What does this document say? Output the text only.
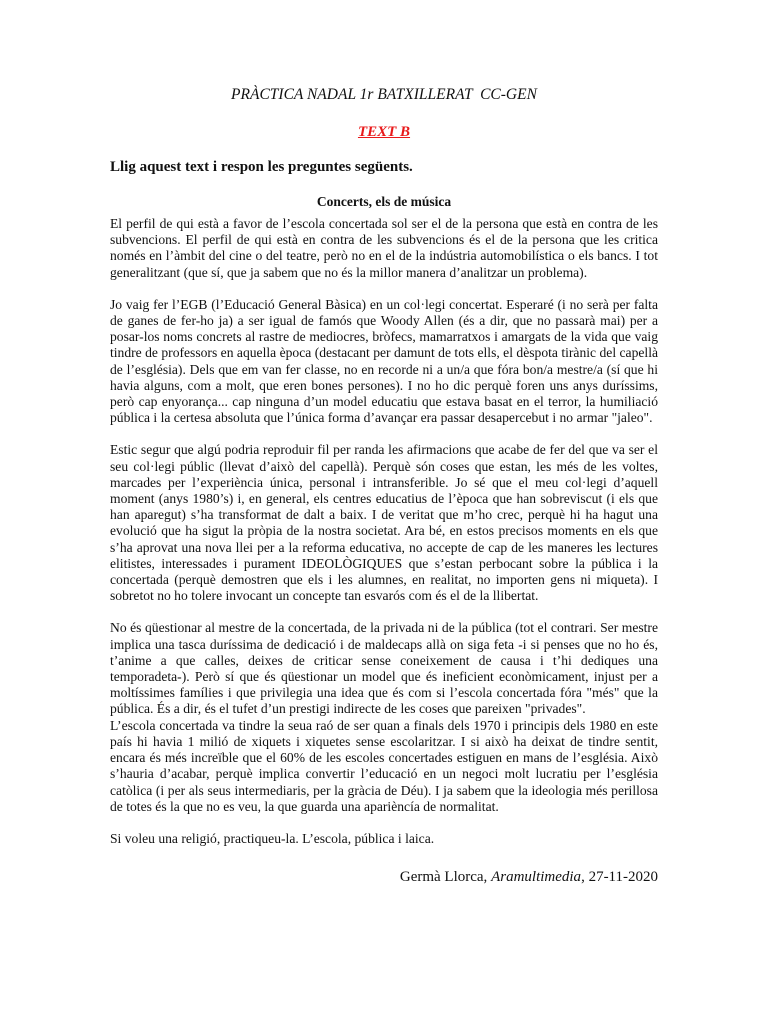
PRÀCTICA NADAL 1r BATXILLERAT  CC-GEN
TEXT B
Llig aquest text i respon les preguntes següents.
Concerts, els de música

El perfil de qui està a favor de l’escola concertada sol ser el de la persona que està en contra de les subvencions. El perfil de qui està en contra de les subvencions és el de la persona que les critica només en l’àmbit del cine o del teatre, però no en el de la indústria automobilística o els bancs. I tot generalitzant (que sí, que ja sabem que no és la millor manera d’analitzar un problema).

Jo vaig fer l’EGB (l’Educació General Bàsica) en un col·legi concertat. Esperaré (i no serà per falta de ganes de fer-ho ja) a ser igual de famós que Woody Allen (és a dir, que no passarà mai) per a posar-los noms concrets al rastre de mediocres, bròfecs, mamarratxos i amargats de la vida que vaig tindre de professors en aquella època (destacant per damunt de tots ells, el dèspota tirànic del capellà de l’església). Dels que em van fer classe, no en recorde ni a un/a que fóra bon/a mestre/a (sí que hi havia alguns, com a molt, que eren bones persones). I no ho dic perquè foren uns anys duríssims, però cap enyorança... cap ninguna d’un model educatiu que estava basat en el terror, la humiliació pública i la certesa absoluta que l’única forma d’avançar era passar desapercebut i no armar "jaleo".

Estic segur que algú podria reproduir fil per randa les afirmacions que acabe de fer del que va ser el seu col·legi públic (llevat d’això del capellà). Perquè són coses que estan, les més de les voltes, marcades per l’experiència única, personal i intransferible. Jo sé que el meu col·legi d’aquell moment (anys 1980’s) i, en general, els centres educatius de l’època que han sobreviscut (i els que han aparegut) s’ha transformat de dalt a baix. I de veritat que m’ho crec, perquè hi ha hagut una evolució que ha sigut la pròpia de la nostra societat. Ara bé, en estos precisos moments en els que s’ha aprovat una nova llei per a la reforma educativa, no accepte de cap de les maneres les lectures elitistes, interessades i purament IDEOLÒGIQUES que s’estan perbocant sobre la pública i la concertada (perquè demostren que els i les alumnes, en realitat, no importen gens ni miqueta). I sobretot no ho tolere invocant un concepte tan esvarós com és el de la llibertat.

No és qüestionar al mestre de la concertada, de la privada ni de la pública (tot el contrari. Ser mestre implica una tasca duríssima de dedicació i de maldecaps allà on siga feta -i si penses que no ho és, t’anime a que calles, deixes de criticar sense coneixement de causa i t’hi dediques una temporadeta-). Però sí que és qüestionar un model que és ineficient econòmicament, injust per a moltíssimes famílies i que privilegia una idea que és com si l’escola concertada fóra "més" que la pública. És a dir, és el tufet d’un prestigi indirecte de les coses que pareixen "privades".

L’escola concertada va tindre la seua raó de ser quan a finals dels 1970 i principis dels 1980 en este país hi havia 1 milió de xiquets i xiquetes sense escolaritzar. I si això ha deixat de tindre sentit, encara és més increïble que el 60% de les escoles concertades estiguen en mans de l’església. Això s’hauria d’acabar, perquè implica convertir l’educació en un negoci molt lucratiu per l’església catòlica (i per als seus intermediaris, per la gràcia de Déu). I ja sabem que la ideologia més perillosa de totes és la que no es veu, la que guarda una aparièncía de normalitat.

Si voleu una religió, practiqueu-la. L’escola, pública i laica.

Germà Llorca, Aramultimedia, 27-11-2020
